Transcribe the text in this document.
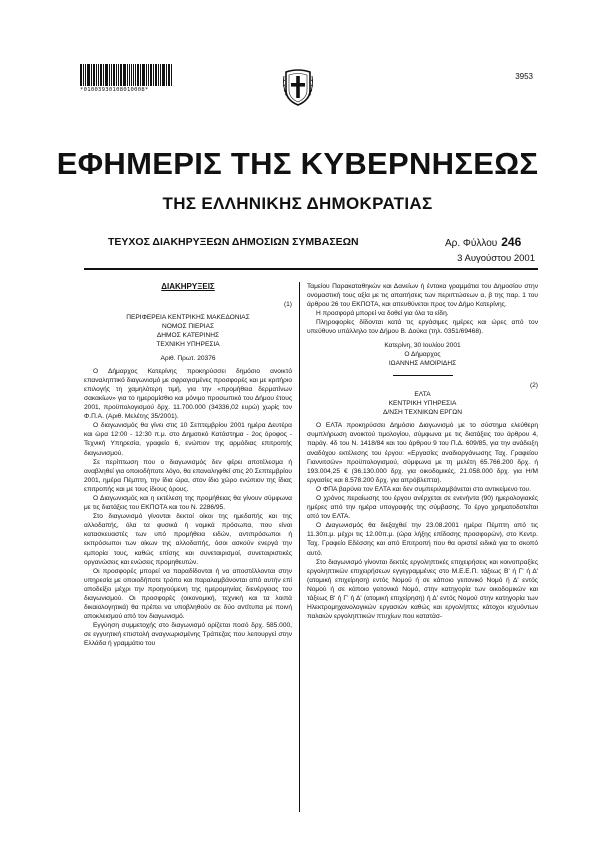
*01003930108010008*
3953
ΕΦΗΜΕΡΙΣ ΤΗΣ ΚΥΒΕΡΝΗΣΕΩΣ
ΤΗΣ ΕΛΛΗΝΙΚΗΣ ΔΗΜΟΚΡΑΤΙΑΣ
ΤΕΥΧΟΣ ΔΙΑΚΗΡΥΞΕΩΝ ΔΗΜΟΣΙΩΝ ΣΥΜΒΑΣΕΩΝ	Αρ. Φύλλου 246
3 Αυγούστου 2001
ΔΙΑΚΗΡΥΞΕΙΣ
(1)
ΠΕΡΙΦΕΡΕΙΑ ΚΕΝΤΡΙΚΗΣ ΜΑΚΕΔΟΝΙΑΣ
ΝΟΜΟΣ ΠΙΕΡΙΑΣ
ΔΗΜΟΣ ΚΑΤΕΡΙΝΗΣ
ΤΕΧΝΙΚΗ ΥΠΗΡΕΣΙΑ
Αριθ. Πρωτ. 20376

Ο Δήμαρχος Κατερίνης προκηρύσσει δημόσιο ανοικτό επαναληπτικό διαγωνισμό με σφραγισμένες προσφορές και με κριτήριο επιλογής τη χαμηλότερη τιμή, για την «προμήθεια δερματίνων σακακίων» για το ημερομίσθιο και μόνιμο προσωπικό του Δήμου έτους 2001, προϋπολογισμού δρχ. 11.700.000 (34336,02 ευρώ) χωρίς τον Φ.Π.Α. (Αριθ. Μελέτης 35/2001).

Ο διαγωνισμός θα γίνει στις 10 Σεπτεμβρίου 2001 ημέρα Δευτέρα και ώρα 12:00 - 12:30 π.μ. στο Δημοτικό Κατάστημα - 2ος όροφος - Τεχνική Υπηρεσία, γραφείο 6, ενώπιον της αρμόδιας επιτροπής διαγωνισμού.

Σε περίπτωση που ο διαγωνισμός δεν φέρει αποτέλεσμα ή αναβληθεί για οποιοδήποτε λόγο, θα επαναληφθεί στις 20 Σεπτεμβρίου 2001, ημέρα Πέμπτη, την ίδια ώρα, στον ίδιο χώρο ενώπιον της ίδιας επιτροπής και με τους ίδιους όρους.

Ο Διαγωνισμός και η εκτέλεση της προμήθειας θα γίνουν σύμφωνα με τις διατάξεις του ΕΚΠΟΤΑ και του Ν. 2286/95.

Στο διαγωνισμό γίνονται δεκτοί οίκοι της ημεδαπής και της αλλοδαπής, όλα τα φυσικά ή νομικά πρόσωπα, που είναι κατασκευαστές των υπό προμήθεια ειδών, αντιπρόσωποι ή εκπρόσωποι των οίκων της αλλοδαπής, όσοι ασκούν ενεργά την εμπορία τους, καθώς επίσης και συνεταιρισμοί, συνεταιριστικές οργανώσεις και ενώσεις προμηθευτών.

Οι προσφορές μπορεί να παραδίδονται ή να αποστέλλονται στην υπηρεσία με οποιοδήποτε τρόπο και παραλαμβάνονται από αυτήν επί αποδείξει μέχρι την προηγούμενη της ημερομηνίας διενέργειας του διαγωνισμού. Οι προσφορές (οικονομική, τεχνική και τα λοιπά δικαιολογητικά) θα πρέπει να υποβληθούν σε δύο αντίτυπα με ποινή αποκλεισμού από τον διαγωνισμό.

Εγγύηση συμμετοχής στο διαγωνισμό ορίζεται ποσό δρχ. 585.000, σε εγγυητική επιστολή αναγνωρισμένης Τράπεζας που λειτουργεί στην Ελλάδα ή γραμμάτιο του

Ταμείου Παρακαταθηκών και Δανείων ή έντοκα γραμμάτια του Δημοσίου στην ονομαστική τους αξία με τις απαιτήσεις των περιπτώσεων α, β της παρ. 1 του άρθρου 26 του ΕΚΠΟΤΑ, και απευθύνεται προς τον Δήμο Κατερίνης.

Η προσφορά μπορεί να δοθεί για όλα τα είδη.

Πληροφορίες δίδονται κατά τις εργάσιμες ημέρες και ώρες από τον υπεύθυνο υπάλληλο τον Δήμου Β. Δούκα (τηλ. 0351/69468).

Κατερίνη, 30 Ιουλίου 2001
Ο Δήμαρχος
ΙΩΑΝΝΗΣ ΑΜΟΙΡΙΔΗΣ
(2)
ΕΛΤΑ
ΚΕΝΤΡΙΚΗ ΥΠΗΡΕΣΙΑ
Δ/ΝΣΗ ΤΕΧΝΙΚΩΝ ΕΡΓΩΝ

Ο ΕΛΤΑ προκηρύσσει Δημόσιο Διαγωνισμό με το σύστημα ελεύθερη συμπλήρωση ανοικτού τιμολογίου, σύμφωνα με τις διατάξεις του άρθρου 4, παράγ. 4δ του Ν. 1418/84 και του άρθρου 9 του Π.Δ. 609/85, για την ανάδειξη αναδόχου εκτέλεσης του έργου: «Εργασίες αναδιοργάνωσης Ταχ. Γραφείου Γιαννιτσών» προϋπολογισμού, σύμφωνα με τη μελέτη 65.766.200 δρχ. ή 193.004,25 € (36.130.000 δρχ. για οικοδομικές, 21.058.000 δρχ. για Η/Μ εργασίες και 8.578.200 δρχ. για απρόβλεπτα).

Ο ΦΠΑ βαρύνει τον ΕΛΤΑ και δεν συμπεριλαμβάνεται στο αντικείμενο του.

Ο χρόνος περαίωσης του έργου ανέρχεται σε ενενήντα (90) ημερολογιακές ημέρες από την ημέρα υπογραφής της σύμβασης. Το έργο χρηματοδοτείται από τον ΕΛΤΑ.

Ο Διαγωνισμός θα διεξαχθεί την 23.08.2001 ημέρα Πέμπτη από τις 11.30π.μ. μέχρι τις 12.00π.μ. (ώρα λήξης επίδοσης προσφορών), στο Κεντρ. Ταχ. Γραφείο Εδέσσης και από Επιτροπή που θα οριστεί ειδικά για το σκοπό αυτό.

Στο διαγωνισμό γίνονται δεκτές εργοληπτικές επιχειρήσεις και κοινοπραξίες εργοληπτικών επιχειρήσεων εγγεγραμμένες στο Μ.Ε.Ε.Π. τάξεως Β' ή Γ' ή Δ' (ατομική επιχείρηση) εντός Νομού ή σε κάποιο γειτονικό Νομό ή Δ' εντός Νομού ή σε κάποιο γειτονικό Νομό, στην κατηγορία των οικοδομικών και τάξεως Β' ή Γ' ή Δ' (ατομική επιχείρηση) ή Δ' εντός Νομού στην κατηγορία των Ηλεκτρομηχανολογικών εργασιών καθώς και εργολήπτες κάτοχοι ισχυόντων παλαιών εργοληπτικών πτυχίων που κατατάσ-
